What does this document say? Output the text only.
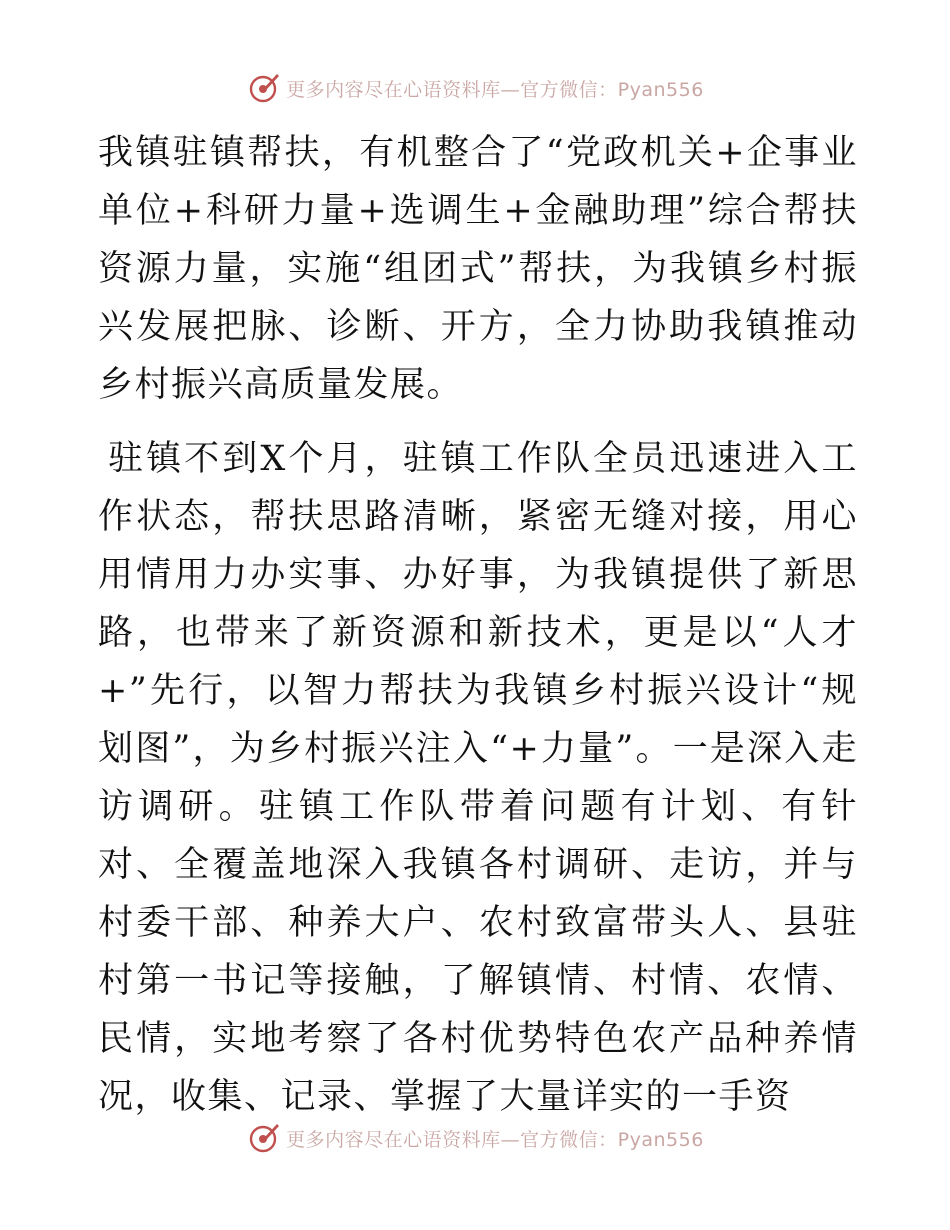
更多内容尽在心语资料库—官方微信：Pyan556

我镇驻镇帮扶，有机整合了“党政机关+企事业单位+科研力量+选调生+金融助理”综合帮扶资源力量，实施“组团式”帮扶，为我镇乡村振兴发展把脉、诊断、开方，全力协助我镇推动乡村振兴高质量发展。

驻镇不到X个月，驻镇工作队全员迅速进入工作状态，帮扶思路清晰，紧密无缝对接，用心用情用力办实事、办好事，为我镇提供了新思路，也带来了新资源和新技术，更是以“人才+”先行，以智力帮扶为我镇乡村振兴设计“规划图”，为乡村振兴注入“+力量”。一是深入走访调研。驻镇工作队带着问题有计划、有针对、全覆盖地深入我镇各村调研、走访，并与村委干部、种养大户、农村致富带头人、县驻村第一书记等接触，了解镇情、村情、农情、民情，实地考察了各村优势特色农产品种养情况，收集、记录、掌握了大量详实的一手资

更多内容尽在心语资料库—官方微信：Pyan556
